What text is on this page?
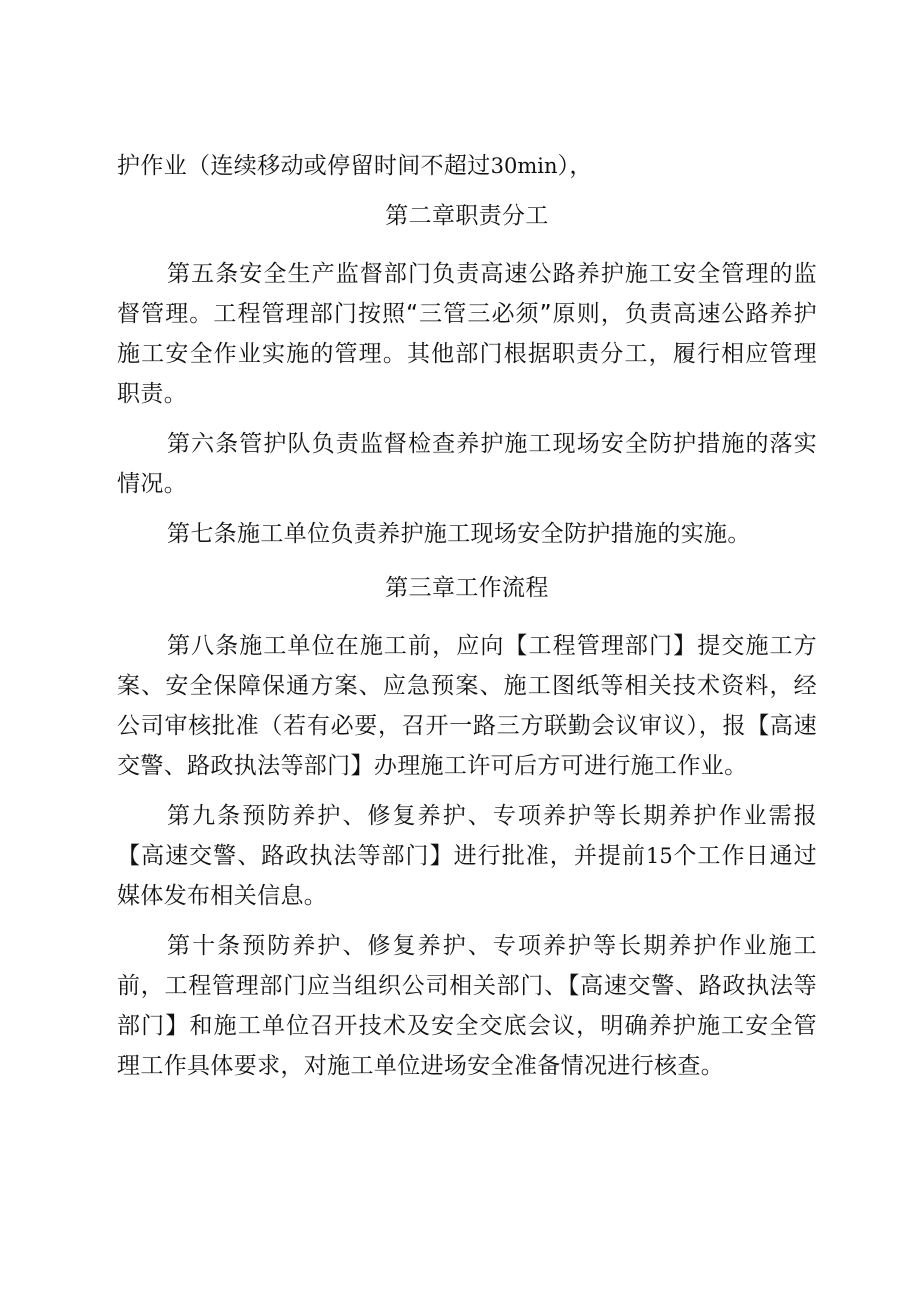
护作业（连续移动或停留时间不超过30min），

第二章职责分工

第五条安全生产监督部门负责高速公路养护施工安全管理的监督管理。工程管理部门按照“三管三必须”原则，负责高速公路养护施工安全作业实施的管理。其他部门根据职责分工，履行相应管理职责。

第六条管护队负责监督检查养护施工现场安全防护措施的落实情况。

第七条施工单位负责养护施工现场安全防护措施的实施。

第三章工作流程

第八条施工单位在施工前，应向【工程管理部门】提交施工方案、安全保障保通方案、应急预案、施工图纸等相关技术资料，经公司审核批准（若有必要，召开一路三方联勤会议审议），报【高速交警、路政执法等部门】办理施工许可后方可进行施工作业。

第九条预防养护、修复养护、专项养护等长期养护作业需报【高速交警、路政执法等部门】进行批准，并提前15个工作日通过媒体发布相关信息。

第十条预防养护、修复养护、专项养护等长期养护作业施工前，工程管理部门应当组织公司相关部门、【高速交警、路政执法等部门】和施工单位召开技术及安全交底会议，明确养护施工安全管理工作具体要求，对施工单位进场安全准备情况进行核查。
